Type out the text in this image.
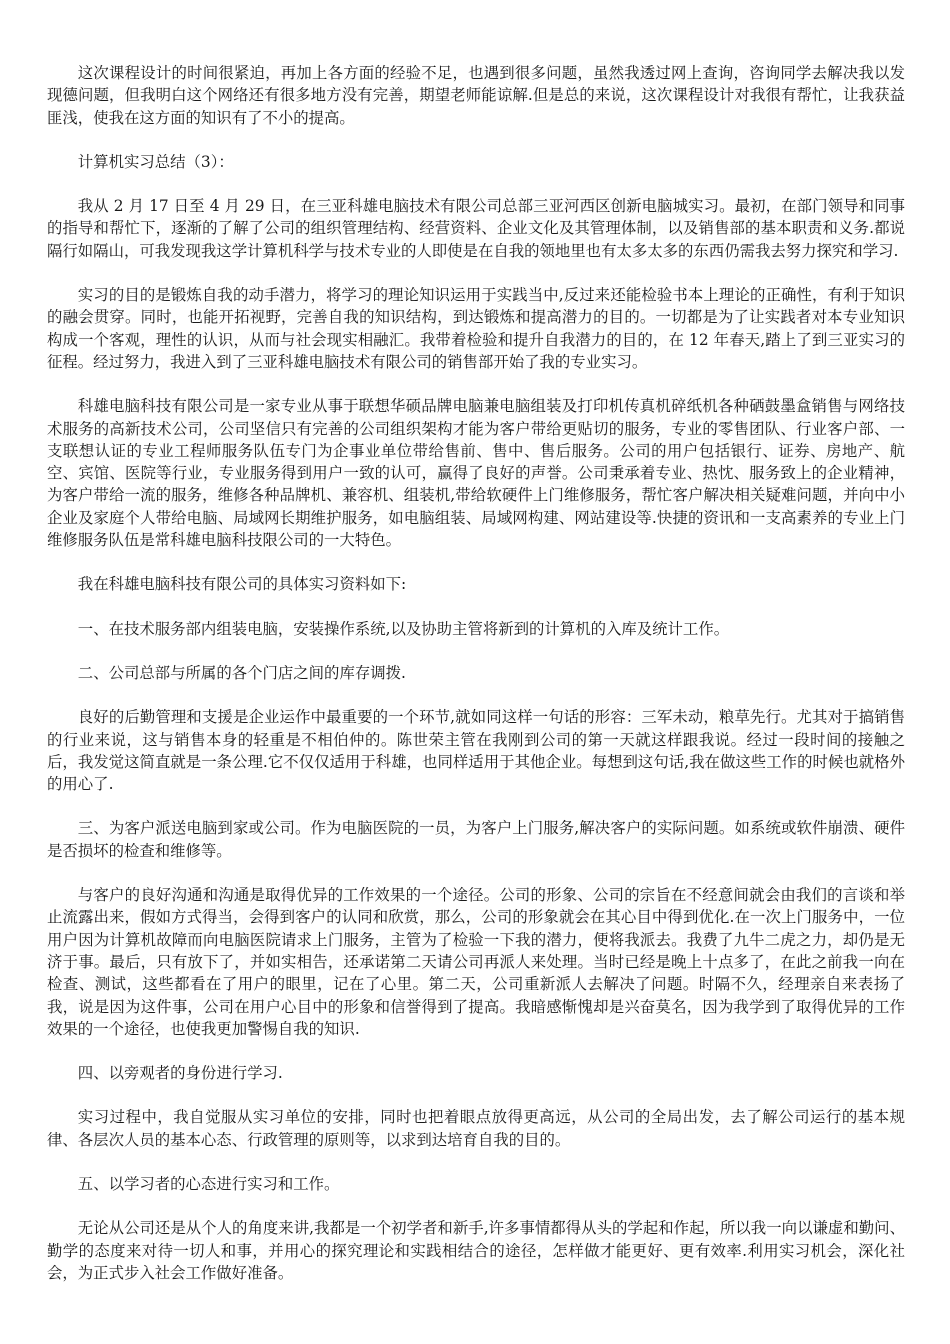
这次课程设计的时间很紧迫，再加上各方面的经验不足，也遇到很多问题，虽然我透过网上查询，咨询同学去解决我以发现德问题，但我明白这个网络还有很多地方没有完善，期望老师能谅解.但是总的来说，这次课程设计对我很有帮忙，让我获益匪浅，使我在这方面的知识有了不小的提高。

计算机实习总结（3）：

我从 2 月 17 日至 4 月 29 日，在三亚科雄电脑技术有限公司总部三亚河西区创新电脑城实习。最初，在部门领导和同事的指导和帮忙下，逐渐的了解了公司的组织管理结构、经营资料、企业文化及其管理体制，以及销售部的基本职责和义务.都说隔行如隔山，可我发现我这学计算机科学与技术专业的人即使是在自我的领地里也有太多太多的东西仍需我去努力探究和学习.

实习的目的是锻炼自我的动手潜力，将学习的理论知识运用于实践当中,反过来还能检验书本上理论的正确性，有利于知识的融会贯穿。同时，也能开拓视野，完善自我的知识结构，到达锻炼和提高潜力的目的。一切都是为了让实践者对本专业知识构成一个客观，理性的认识，从而与社会现实相融汇。我带着检验和提升自我潜力的目的，在 12 年春天,踏上了到三亚实习的征程。经过努力，我进入到了三亚科雄电脑技术有限公司的销售部开始了我的专业实习。

科雄电脑科技有限公司是一家专业从事于联想华硕品牌电脑兼电脑组装及打印机传真机碎纸机各种硒鼓墨盒销售与网络技术服务的高新技术公司，公司坚信只有完善的公司组织架构才能为客户带给更贴切的服务，专业的零售团队、行业客户部、一支联想认证的专业工程师服务队伍专门为企事业单位带给售前、售中、售后服务。公司的用户包括银行、证券、房地产、航空、宾馆、医院等行业，专业服务得到用户一致的认可，赢得了良好的声誉。公司秉承着专业、热忱、服务致上的企业精神，为客户带给一流的服务，维修各种品牌机、兼容机、组装机,带给软硬件上门维修服务，帮忙客户解决相关疑难问题，并向中小企业及家庭个人带给电脑、局域网长期维护服务，如电脑组装、局域网构建、网站建设等.快捷的资讯和一支高素养的专业上门维修服务队伍是常科雄电脑科技限公司的一大特色。

我在科雄电脑科技有限公司的具体实习资料如下:

一、在技术服务部内组装电脑，安装操作系统,以及协助主管将新到的计算机的入库及统计工作。

二、公司总部与所属的各个门店之间的库存调拨.

良好的后勤管理和支援是企业运作中最重要的一个环节,就如同这样一句话的形容：三军未动，粮草先行。尤其对于搞销售的行业来说，这与销售本身的轻重是不相伯仲的。陈世荣主管在我刚到公司的第一天就这样跟我说。经过一段时间的接触之后，我发觉这简直就是一条公理.它不仅仅适用于科雄，也同样适用于其他企业。每想到这句话,我在做这些工作的时候也就格外的用心了.

三、为客户派送电脑到家或公司。作为电脑医院的一员，为客户上门服务,解决客户的实际问题。如系统或软件崩溃、硬件是否损坏的检查和维修等。

与客户的良好沟通和沟通是取得优异的工作效果的一个途径。公司的形象、公司的宗旨在不经意间就会由我们的言谈和举止流露出来，假如方式得当，会得到客户的认同和欣赏，那么，公司的形象就会在其心目中得到优化.在一次上门服务中，一位用户因为计算机故障而向电脑医院请求上门服务，主管为了检验一下我的潜力，便将我派去。我费了九牛二虎之力，却仍是无济于事。最后，只有放下了，并如实相告，还承诺第二天请公司再派人来处理。当时已经是晚上十点多了，在此之前我一向在检查、测试，这些都看在了用户的眼里，记在了心里。第二天，公司重新派人去解决了问题。时隔不久，经理亲自来表扬了我，说是因为这件事，公司在用户心目中的形象和信誉得到了提高。我暗感惭愧却是兴奋莫名，因为我学到了取得优异的工作效果的一个途径，也使我更加警惕自我的知识.

四、以旁观者的身份进行学习.

实习过程中，我自觉服从实习单位的安排，同时也把着眼点放得更高远，从公司的全局出发，去了解公司运行的基本规律、各层次人员的基本心态、行政管理的原则等，以求到达培育自我的目的。

五、以学习者的心态进行实习和工作。

无论从公司还是从个人的角度来讲,我都是一个初学者和新手,许多事情都得从头的学起和作起，所以我一向以谦虚和勤问、勤学的态度来对待一切人和事，并用心的探究理论和实践相结合的途径，怎样做才能更好、更有效率.利用实习机会，深化社会，为正式步入社会工作做好准备。
